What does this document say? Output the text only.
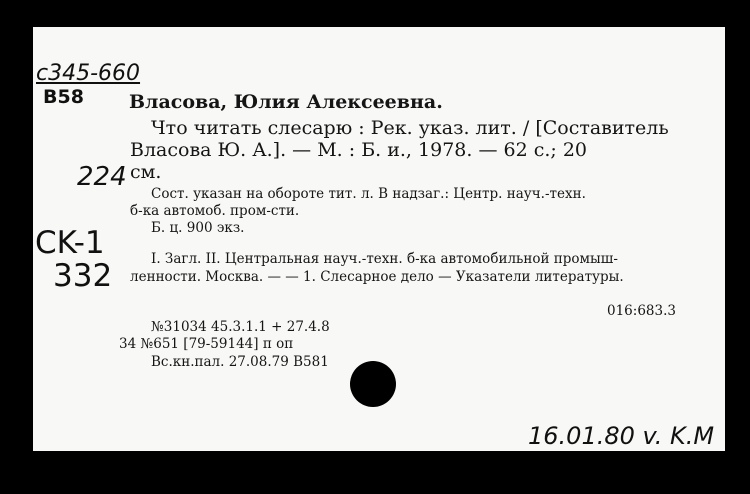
c345-660
B58
224
CK-1
332
16.01.80 v. K.M
Власова, Юлия Алексеевна.
Что читать слесарю : Рек. указ. лит. / [Составитель
Власова Ю. А.]. — М. : Б. и., 1978. — 62 с.; 20
см.
Сост. указан на обороте тит. л. В надзаг.: Центр. науч.-техн.
б-ка автомоб. пром-сти.
Б. ц. 900 экз.
I. Загл. II. Центральная науч.-техн. б-ка автомобильной промыш-
ленности. Москва. — — 1. Слесарное дело — Указатели литературы.
016:683.3
№31034 45.3.1.1 + 27.4.8
34 №651 [79-59144] п оп
Вс.кн.пал. 27.08.79 В581
